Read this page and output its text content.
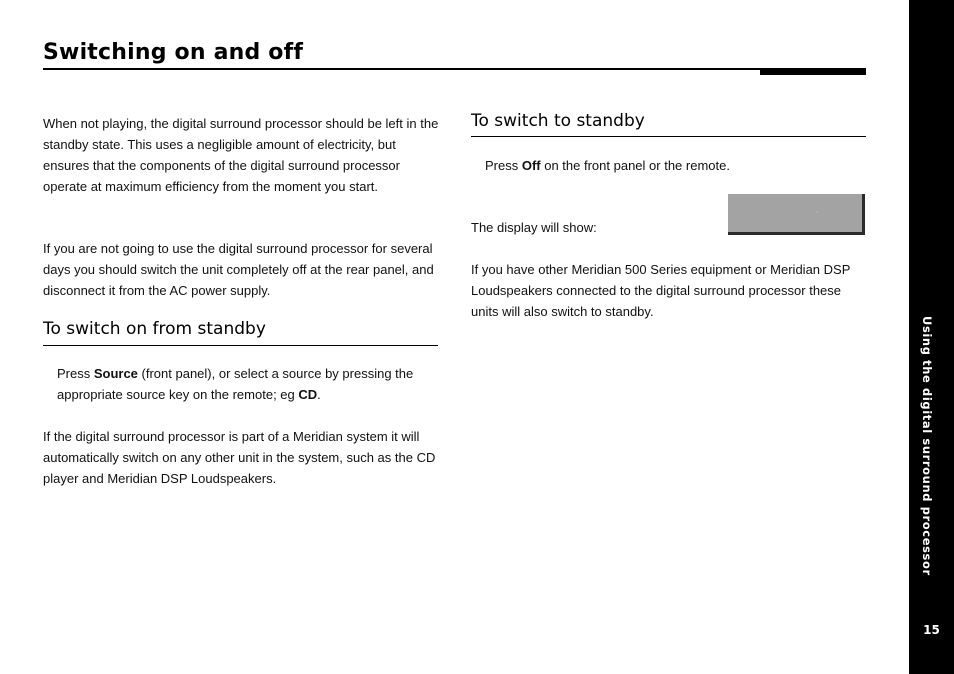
Switching on and off

When not playing, the digital surround processor should be left in the standby state. This uses a negligible amount of electricity, but ensures that the components of the digital surround processor operate at maximum efficiency from the moment you start.

If you are not going to use the digital surround processor for several days you should switch the unit completely off at the rear panel, and disconnect it from the AC power supply.

To switch on from standby

Press Source (front panel), or select a source by pressing the appropriate source key on the remote; eg CD.

If the digital surround processor is part of a Meridian system it will automatically switch on any other unit in the system, such as the CD player and Meridian DSP Loudspeakers.

To switch to standby

Press Off on the front panel or the remote.

The display will show:

·

If you have other Meridian 500 Series equipment or Meridian DSP Loudspeakers connected to the digital surround processor these units will also switch to standby.

Using the digital surround processor
15
